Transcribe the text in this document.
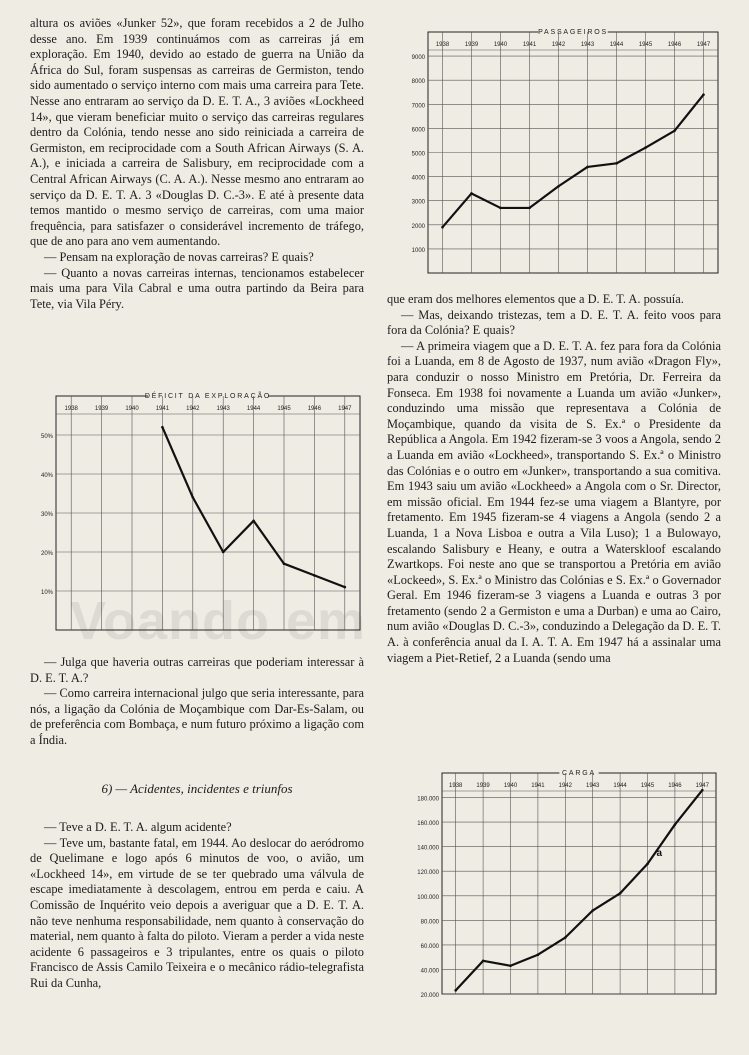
Voando em

altura os aviões «Junker 52», que foram recebidos a 2 de Julho desse ano. Em 1939 continuámos com as carreiras já em exploração. Em 1940, devido ao estado de guerra na União da África do Sul, foram suspensas as carreiras de Germiston, tendo sido aumentado o serviço interno com mais uma carreira para Tete. Nesse ano entraram ao serviço da D. E. T. A., 3 aviões «Lockheed 14», que vieram beneficiar muito o serviço das carreiras regulares dentro da Colónia, tendo nesse ano sido reiniciada a carreira de Germiston, em reciprocidade com a South African Airways (S. A. A.), e iniciada a carreira de Salisbury, em reciprocidade com a Central African Airways (C. A. A.). Nesse mesmo ano entraram ao serviço da D. E. T. A. 3 «Douglas D. C.-3». E até à presente data temos mantido o mesmo serviço de carreiras, com uma maior frequência, para satisfazer o considerável incremento de tráfego, que de ano para ano vem aumentando.

— Pensam na exploração de novas carreiras? E quais?

— Quanto a novas carreiras internas, tencionamos estabelecer mais uma para Vila Cabral e uma outra partindo da Beira para Tete, via Vila Péry.

DÉFICIT DA EXPLORAÇÃO
1938	1939	1940	1941	1942	1943	1944	1945	1946	1947
10%
20%
30%
40%
50%

— Julga que haveria outras carreiras que poderiam interessar à D. E. T. A.?

— Como carreira internacional julgo que seria interessante, para nós, a ligação da Colónia de Moçambique com Dar-Es-Salam, ou de preferência com Bombaça, e num futuro próximo a ligação com a Índia.

6) — Acidentes, incidentes e triunfos

— Teve a D. E. T. A. algum acidente?

— Teve um, bastante fatal, em 1944. Ao deslocar do aeródromo de Quelimane e logo após 6 minutos de voo, o avião, um «Lockheed 14», em virtude de se ter quebrado uma válvula de escape imediatamente à descolagem, entrou em perda e caiu. A Comissão de Inquérito veio depois a averiguar que a D. E. T. A. não teve nenhuma responsabilidade, nem quanto à conservação do material, nem quanto à falta do piloto. Vieram a perder a vida neste acidente 6 passageiros e 3 tripulantes, entre os quais o piloto Francisco de Assis Camilo Teixeira e o mecânico rádio-telegrafista Rui da Cunha,

PASSAGEIROS
1938	1939	1940	1941	1942	1943	1944	1945	1946	1947
1000
2000
3000
4000
5000
6000
7000
8000
9000

que eram dos melhores elementos que a D. E. T. A. possuía.

— Mas, deixando tristezas, tem a D. E. T. A. feito voos para fora da Colónia? E quais?

— A primeira viagem que a D. E. T. A. fez para fora da Colónia foi a Luanda, em 8 de Agosto de 1937, num avião «Dragon Fly», para conduzir o nosso Ministro em Pretória, Dr. Ferreira da Fonseca. Em 1938 foi novamente a Luanda um avião «Junker», conduzindo uma missão que representava a Colónia de Moçambique, quando da visita de S. Ex.ª o Presidente da República a Angola. Em 1942 fizeram-se 3 voos a Angola, sendo 2 a Luanda em avião «Lockheed», transportando S. Ex.ª o Ministro das Colónias e o outro em «Junker», transportando a sua comitiva. Em 1943 saiu um avião «Lockheed» a Angola com o Sr. Director, em missão oficial. Em 1944 fez-se uma viagem a Blantyre, por fretamento. Em 1945 fizeram-se 4 viagens a Angola (sendo 2 a Luanda, 1 a Nova Lisboa e outra a Vila Luso); 1 a Bulowayo, escalando Salisbury e Heany, e outra a Waterskloof escalando Zwartkops. Foi neste ano que se transportou a Pretória em avião «Lockeed», S. Ex.ª o Ministro das Colónias e S. Ex.ª o Governador Geral. Em 1946 fizeram-se 3 viagens a Luanda e outras 3 por fretamento (sendo 2 a Germiston e uma a Durban) e uma ao Cairo, num avião «Douglas D. C.-3», conduzindo a Delegação da D. E. T. A. à conferência anual da I. A. T. A. Em 1947 há a assinalar uma viagem a Piet-Retief, 2 a Luanda (sendo uma

CARGA
1938 1939 1940 1941 1942 1943 1944 1945 1946 1947
20.000
40.000
60.000
80.000
100.000
120.000
140.000
160.000
180.000
a
